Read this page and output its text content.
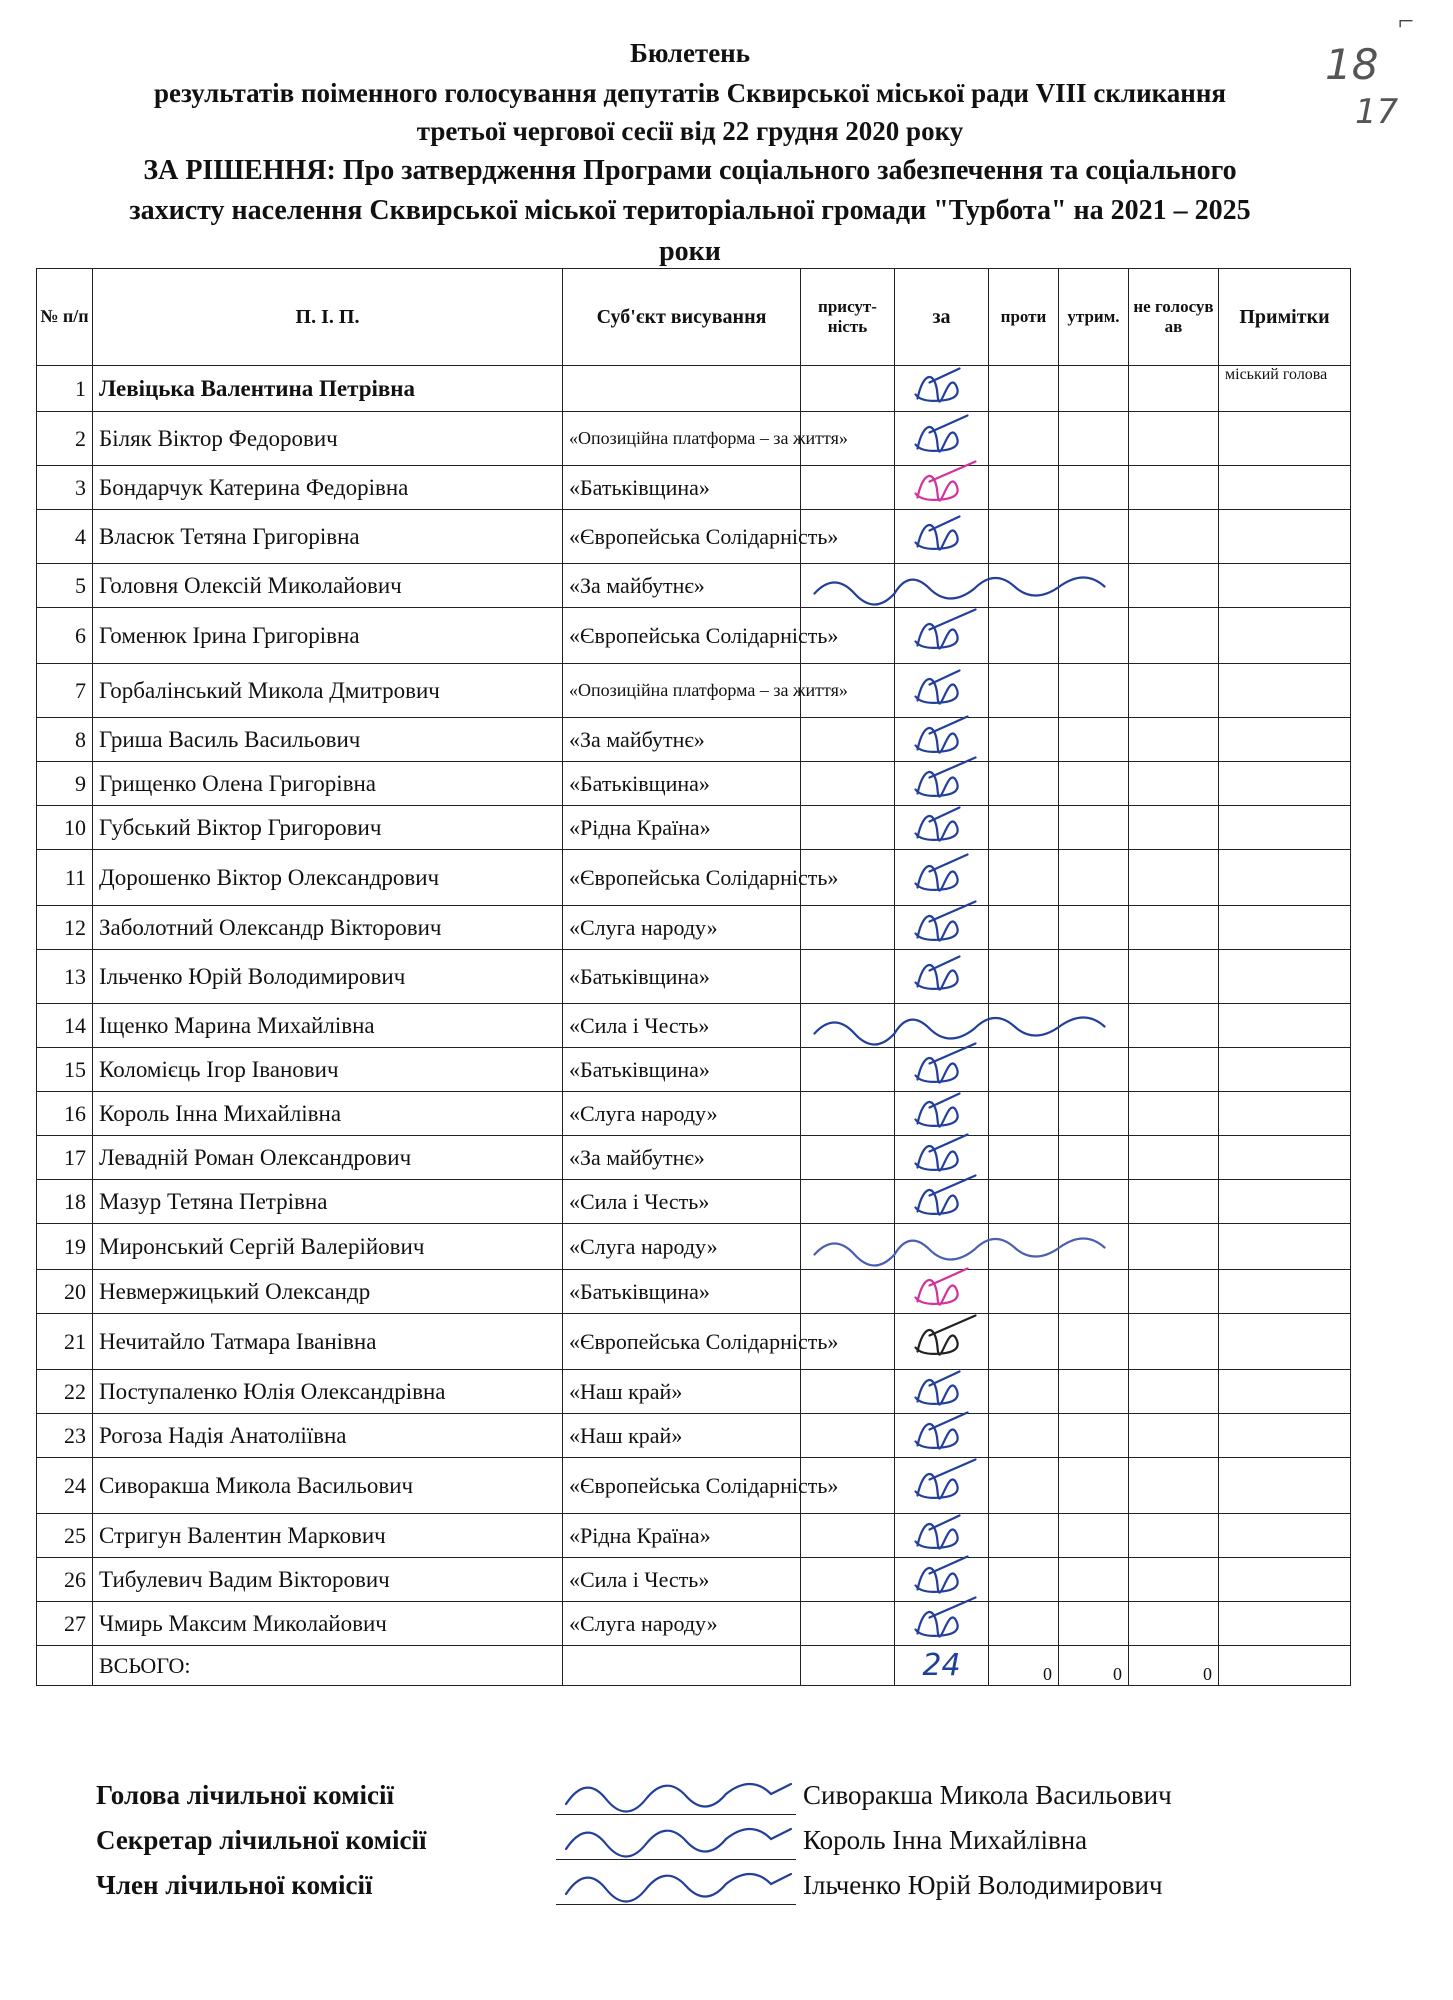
⌐
18
17
Бюлетень
результатів поіменного голосування депутатів Сквирської міської ради VIII скликання
третьої чергової сесії від 22 грудня 2020 року
ЗА РІШЕННЯ: Про затвердження Програми соціального забезпечення та соціального
захисту населення Сквирської міської територіальної громади "Турбота" на 2021 – 2025
роки
№ п/п	П. І. П.	Суб'єкт висування	присут-ність	за	проти	утрим.	не голосув ав	Примітки
1	Левіцька Валентина Петрівна							міський голова
2	Біляк Віктор Федорович	«Опозиційна платформа – за життя»						
3	Бондарчук Катерина Федорівна	«Батьківщина»						
4	Власюк Тетяна Григорівна	«Європейська Солідарність»						
5	Головня Олексій Миколайович	«За майбутнє»						
6	Гоменюк Ірина Григорівна	«Європейська Солідарність»						
7	Горбалінський Микола Дмитрович	«Опозиційна платформа – за життя»						
8	Гриша Василь Васильович	«За майбутнє»						
9	Грищенко Олена Григорівна	«Батьківщина»						
10	Губський Віктор Григорович	«Рідна Країна»						
11	Дорошенко Віктор Олександрович	«Європейська Солідарність»						
12	Заболотний Олександр Вікторович	«Слуга народу»						
13	Ільченко Юрій Володимирович	«Батьківщина»						
14	Іщенко Марина Михайлівна	«Сила і Честь»						
15	Коломієць Ігор Іванович	«Батьківщина»						
16	Король Інна Михайлівна	«Слуга народу»						
17	Левадній Роман Олександрович	«За майбутнє»						
18	Мазур Тетяна Петрівна	«Сила і Честь»						
19	Миронський Сергій Валерійович	«Слуга народу»						
20	Невмержицький Олександр	«Батьківщина»						
21	Нечитайло Татмара Іванівна	«Європейська Солідарність»						
22	Поступаленко Юлія Олександрівна	«Наш край»						
23	Рогоза Надія Анатоліївна	«Наш край»						
24	Сиворакша Микола Васильович	«Європейська Солідарність»						
25	Стригун Валентин Маркович	«Рідна Країна»						
26	Тибулевич Вадим Вікторович	«Сила і Честь»						
27	Чмирь Максим Миколайович	«Слуга народу»						
	ВСЬОГО:			24	0	0	0	
Голова лічильної комісії	Сиворакша Микола Васильович
Секретар лічильної комісії	Король Інна Михайлівна
Член лічильної комісії	Ільченко Юрій Володимирович
